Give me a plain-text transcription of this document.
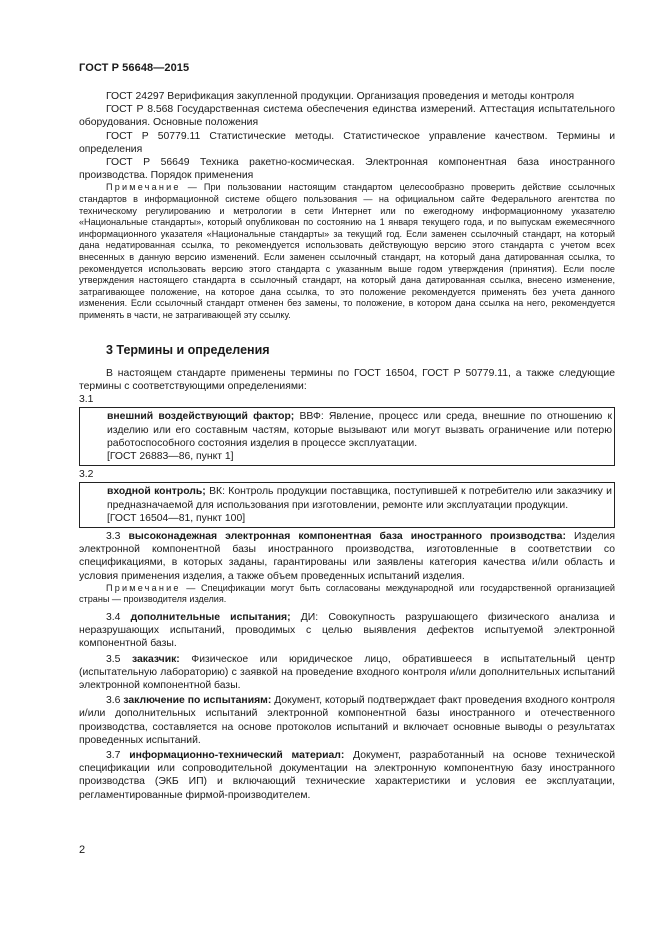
ГОСТ Р 56648—2015

ГОСТ 24297 Верификация закупленной продукции. Организация проведения и методы контроля

ГОСТ Р 8.568 Государственная система обеспечения единства измерений. Аттестация испытательного оборудования. Основные положения

ГОСТ Р 50779.11 Статистические методы. Статистическое управление качеством. Термины и определения

ГОСТ Р 56649 Техника ракетно-космическая. Электронная компонентная база иностранного производства. Порядок применения

Примечание — При пользовании настоящим стандартом целесообразно проверить действие ссылочных стандартов в информационной системе общего пользования — на официальном сайте Федерального агентства по техническому регулированию и метрологии в сети Интернет или по ежегодному информационному указателю «Национальные стандарты», который опубликован по состоянию на 1 января текущего года, и по выпускам ежемесячного информационного указателя «Национальные стандарты» за текущий год. Если заменен ссылочный стандарт, на который дана недатированная ссылка, то рекомендуется использовать действующую версию этого стандарта с учетом всех внесенных в данную версию изменений. Если заменен ссылочный стандарт, на который дана датированная ссылка, то рекомендуется использовать версию этого стандарта с указанным выше годом утверждения (принятия). Если после утверждения настоящего стандарта в ссылочный стандарт, на который дана датированная ссылка, внесено изменение, затрагивающее положение, на которое дана ссылка, то это положение рекомендуется применять без учета данного изменения. Если ссылочный стандарт отменен без замены, то положение, в котором дана ссылка на него, рекомендуется применять в части, не затрагивающей эту ссылку.

3 Термины и определения

В настоящем стандарте применены термины по ГОСТ 16504, ГОСТ Р 50779.11, а также следующие термины с соответствующими определениями:

3.1

внешний воздействующий фактор; ВВФ: Явление, процесс или среда, внешние по отношению к изделию или его составным частям, которые вызывают или могут вызвать ограничение или потерю работоспособного состояния изделия в процессе эксплуатации.

[ГОСТ 26883—86, пункт 1]

3.2

входной контроль; ВК: Контроль продукции поставщика, поступившей к потребителю или заказчику и предназначаемой для использования при изготовлении, ремонте или эксплуатации продукции.

[ГОСТ 16504—81, пункт 100]

3.3 высоконадежная электронная компонентная база иностранного производства: Изделия электронной компонентной базы иностранного производства, изготовленные в соответствии со спецификациями, в которых заданы, гарантированы или заявлены категория качества и/или область и условия применения изделия, а также объем проведенных испытаний изделия.

Примечание — Спецификации могут быть согласованы международной или государственной организацией страны — производителя изделия.

3.4 дополнительные испытания; ДИ: Совокупность разрушающего физического анализа и неразрушающих испытаний, проводимых с целью выявления дефектов испытуемой электронной компонентной базы.

3.5 заказчик: Физическое или юридическое лицо, обратившееся в испытательный центр (испытательную лабораторию) с заявкой на проведение входного контроля и/или дополнительных испытаний электронной компонентной базы.

3.6 заключение по испытаниям: Документ, который подтверждает факт проведения входного контроля и/или дополнительных испытаний электронной компонентной базы иностранного и отечественного производства, составляется на основе протоколов испытаний и включает основные выводы о результатах проведенных испытаний.

3.7 информационно-технический материал: Документ, разработанный на основе технической спецификации или сопроводительной документации на электронную компонентную базу иностранного производства (ЭКБ ИП) и включающий технические характеристики и условия ее эксплуатации, регламентированные фирмой-производителем.

2
